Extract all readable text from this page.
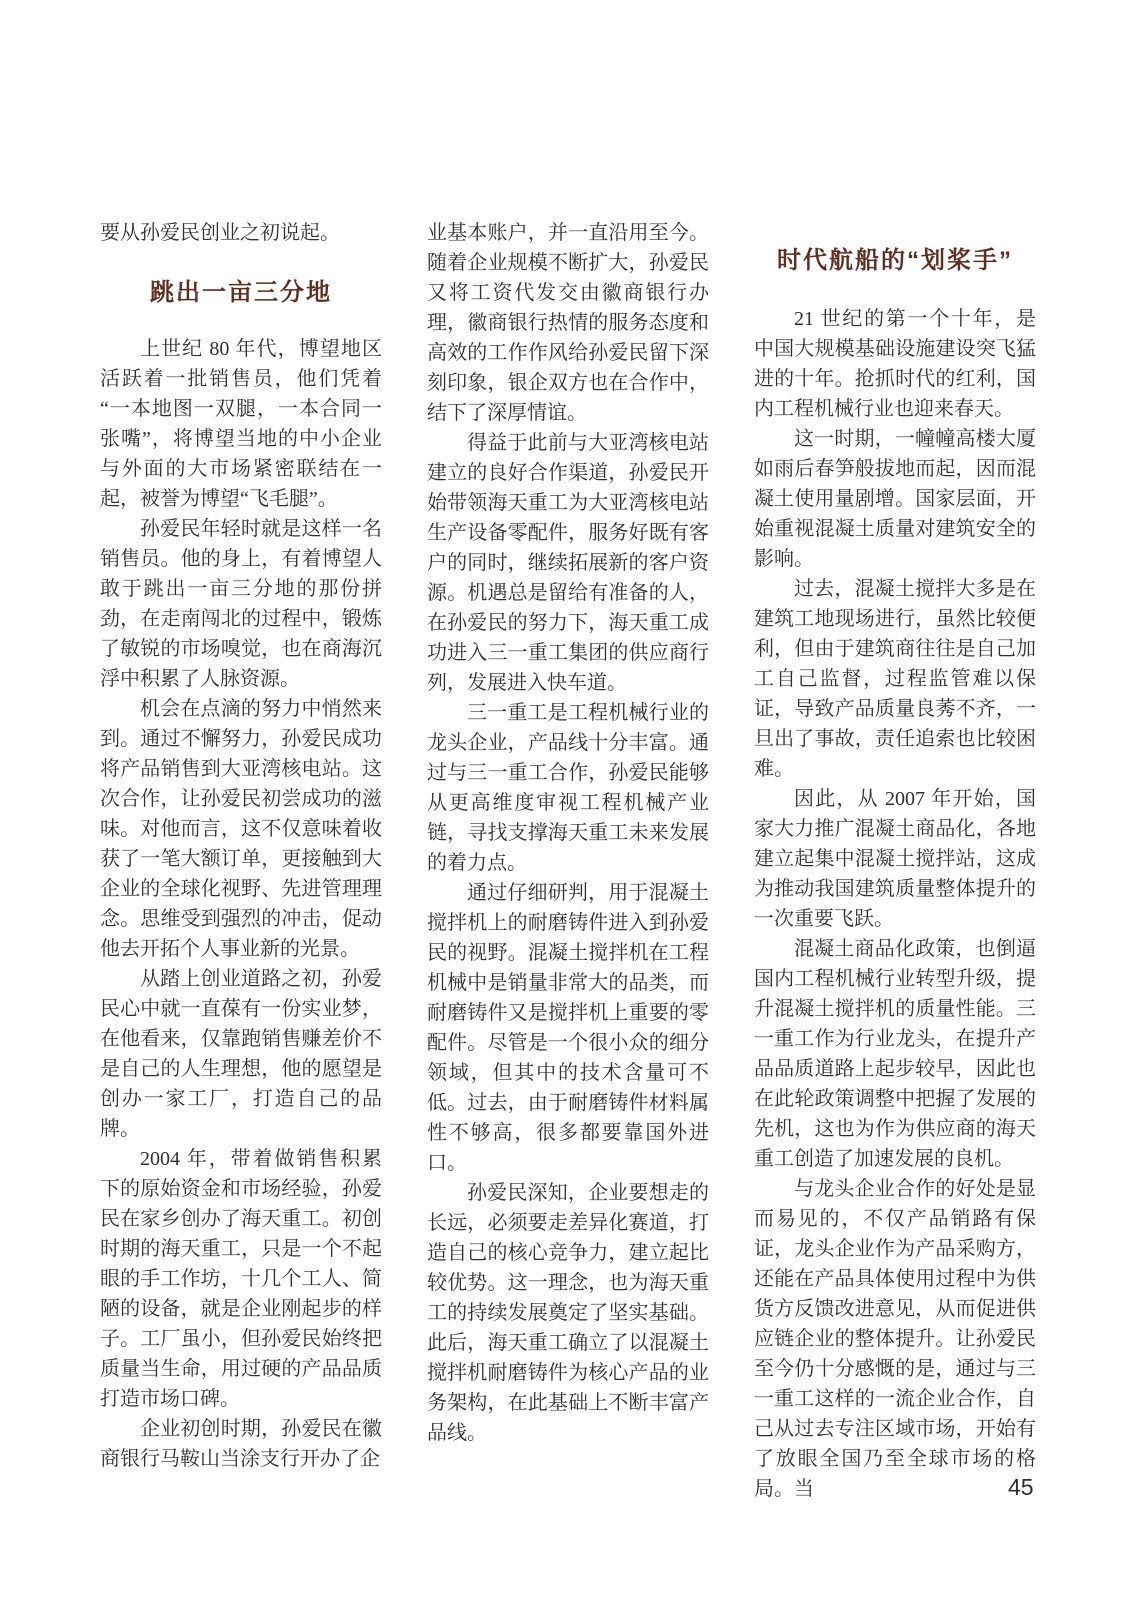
要从孙爱民创业之初说起。

跳出一亩三分地

上世纪 80 年代，博望地区活跃着一批销售员，他们凭着“一本地图一双腿，一本合同一张嘴”，将博望当地的中小企业与外面的大市场紧密联结在一起，被誉为博望“飞毛腿”。

孙爱民年轻时就是这样一名销售员。他的身上，有着博望人敢于跳出一亩三分地的那份拼劲，在走南闯北的过程中，锻炼了敏锐的市场嗅觉，也在商海沉浮中积累了人脉资源。

机会在点滴的努力中悄然来到。通过不懈努力，孙爱民成功将产品销售到大亚湾核电站。这次合作，让孙爱民初尝成功的滋味。对他而言，这不仅意味着收获了一笔大额订单，更接触到大企业的全球化视野、先进管理理念。思维受到强烈的冲击，促动他去开拓个人事业新的光景。

从踏上创业道路之初，孙爱民心中就一直葆有一份实业梦，在他看来，仅靠跑销售赚差价不是自己的人生理想，他的愿望是创办一家工厂，打造自己的品牌。

2004 年，带着做销售积累下的原始资金和市场经验，孙爱民在家乡创办了海天重工。初创时期的海天重工，只是一个不起眼的手工作坊，十几个工人、简陋的设备，就是企业刚起步的样子。工厂虽小，但孙爱民始终把质量当生命，用过硬的产品品质打造市场口碑。

企业初创时期，孙爱民在徽商银行马鞍山当涂支行开办了企

业基本账户，并一直沿用至今。随着企业规模不断扩大，孙爱民又将工资代发交由徽商银行办理，徽商银行热情的服务态度和高效的工作作风给孙爱民留下深刻印象，银企双方也在合作中，结下了深厚情谊。

得益于此前与大亚湾核电站建立的良好合作渠道，孙爱民开始带领海天重工为大亚湾核电站生产设备零配件，服务好既有客户的同时，继续拓展新的客户资源。机遇总是留给有准备的人，在孙爱民的努力下，海天重工成功进入三一重工集团的供应商行列，发展进入快车道。

三一重工是工程机械行业的龙头企业，产品线十分丰富。通过与三一重工合作，孙爱民能够从更高维度审视工程机械产业链，寻找支撑海天重工未来发展的着力点。

通过仔细研判，用于混凝土搅拌机上的耐磨铸件进入到孙爱民的视野。混凝土搅拌机在工程机械中是销量非常大的品类，而耐磨铸件又是搅拌机上重要的零配件。尽管是一个很小众的细分领域，但其中的技术含量可不低。过去，由于耐磨铸件材料属性不够高，很多都要靠国外进口。

孙爱民深知，企业要想走的长远，必须要走差异化赛道，打造自己的核心竞争力，建立起比较优势。这一理念，也为海天重工的持续发展奠定了坚实基础。此后，海天重工确立了以混凝土搅拌机耐磨铸件为核心产品的业务架构，在此基础上不断丰富产品线。

时代航船的“划桨手”

21 世纪的第一个十年，是中国大规模基础设施建设突飞猛进的十年。抢抓时代的红利，国内工程机械行业也迎来春天。

这一时期，一幢幢高楼大厦如雨后春笋般拔地而起，因而混凝土使用量剧增。国家层面，开始重视混凝土质量对建筑安全的影响。

过去，混凝土搅拌大多是在建筑工地现场进行，虽然比较便利，但由于建筑商往往是自己加工自己监督，过程监管难以保证，导致产品质量良莠不齐，一旦出了事故，责任追索也比较困难。

因此，从 2007 年开始，国家大力推广混凝土商品化，各地建立起集中混凝土搅拌站，这成为推动我国建筑质量整体提升的一次重要飞跃。

混凝土商品化政策，也倒逼国内工程机械行业转型升级，提升混凝土搅拌机的质量性能。三一重工作为行业龙头，在提升产品品质道路上起步较早，因此也在此轮政策调整中把握了发展的先机，这也为作为供应商的海天重工创造了加速发展的良机。

与龙头企业合作的好处是显而易见的，不仅产品销路有保证，龙头企业作为产品采购方，还能在产品具体使用过程中为供货方反馈改进意见，从而促进供应链企业的整体提升。让孙爱民至今仍十分感慨的是，通过与三一重工这样的一流企业合作，自己从过去专注区域市场，开始有了放眼全国乃至全球市场的格局。当	45
